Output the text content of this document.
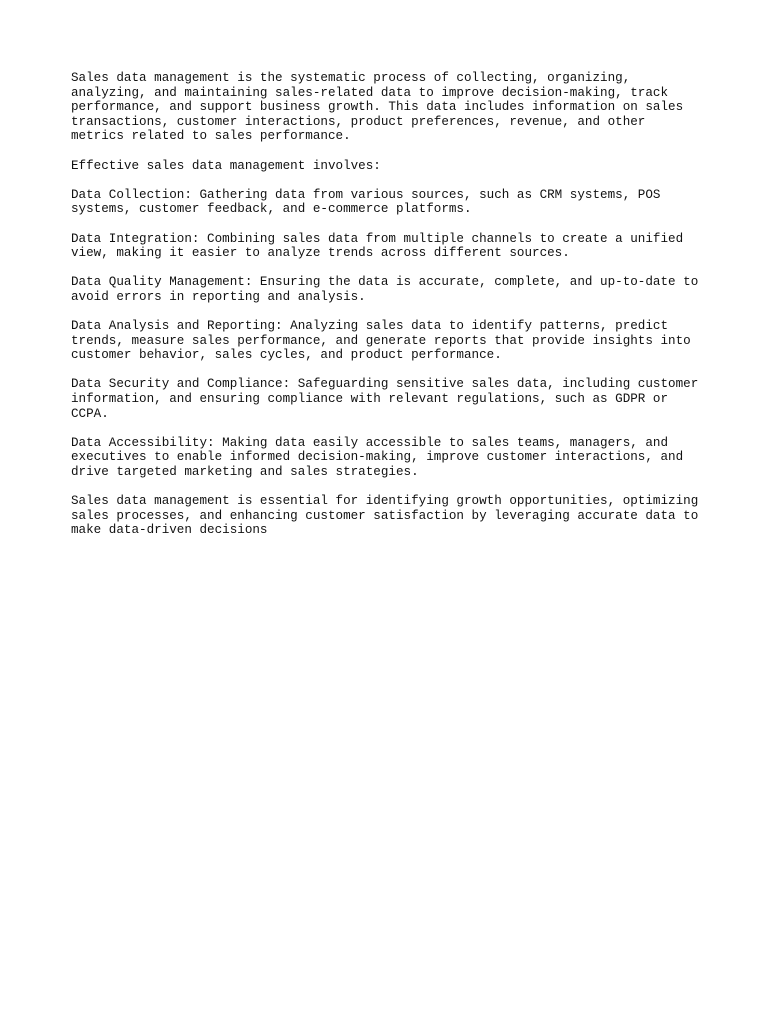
Sales data management is the systematic process of collecting, organizing,
analyzing, and maintaining sales-related data to improve decision-making, track
performance, and support business growth. This data includes information on sales
transactions, customer interactions, product preferences, revenue, and other
metrics related to sales performance.

Effective sales data management involves:

Data Collection: Gathering data from various sources, such as CRM systems, POS
systems, customer feedback, and e-commerce platforms.

Data Integration: Combining sales data from multiple channels to create a unified
view, making it easier to analyze trends across different sources.

Data Quality Management: Ensuring the data is accurate, complete, and up-to-date to
avoid errors in reporting and analysis.

Data Analysis and Reporting: Analyzing sales data to identify patterns, predict
trends, measure sales performance, and generate reports that provide insights into
customer behavior, sales cycles, and product performance.

Data Security and Compliance: Safeguarding sensitive sales data, including customer
information, and ensuring compliance with relevant regulations, such as GDPR or
CCPA.

Data Accessibility: Making data easily accessible to sales teams, managers, and
executives to enable informed decision-making, improve customer interactions, and
drive targeted marketing and sales strategies.

Sales data management is essential for identifying growth opportunities, optimizing
sales processes, and enhancing customer satisfaction by leveraging accurate data to
make data-driven decisions
